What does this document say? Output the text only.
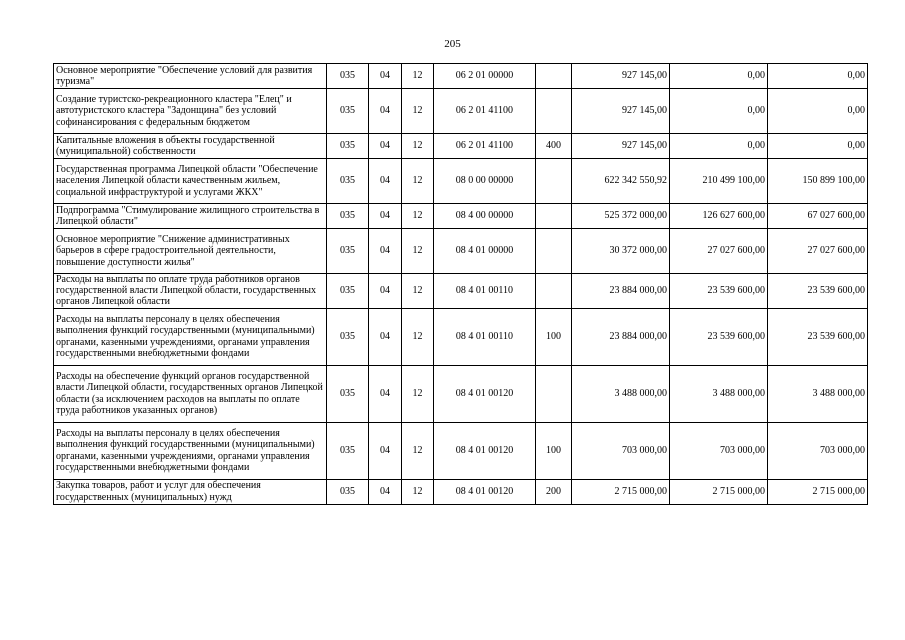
205
Основное мероприятие "Обеспечение условий для развития туризма"	035	04	12	06 2 01 00000		927 145,00	0,00	0,00
Создание туристско-рекреационного кластера "Елец" и автотуристского кластера "Задонщина" без условий софинансирования с федеральным бюджетом	035	04	12	06 2 01 41100		927 145,00	0,00	0,00
Капитальные вложения в объекты государственной (муниципальной) собственности	035	04	12	06 2 01 41100	400	927 145,00	0,00	0,00
Государственная программа Липецкой области "Обеспечение населения Липецкой области качественным жильем, социальной инфраструктурой и услугами ЖКХ"	035	04	12	08 0 00 00000		622 342 550,92	210 499 100,00	150 899 100,00
Подпрограмма "Стимулирование жилищного строительства в Липецкой области"	035	04	12	08 4 00 00000		525 372 000,00	126 627 600,00	67 027 600,00
Основное мероприятие "Снижение административных барьеров в сфере градостроительной деятельности, повышение доступности жилья"	035	04	12	08 4 01 00000		30 372 000,00	27 027 600,00	27 027 600,00
Расходы на выплаты по оплате труда работников органов государственной власти Липецкой области, государственных органов Липецкой области	035	04	12	08 4 01 00110		23 884 000,00	23 539 600,00	23 539 600,00
Расходы на выплаты персоналу в целях обеспечения выполнения функций государственными (муниципальными) органами, казенными учреждениями, органами управления государственными внебюджетными фондами	035	04	12	08 4 01 00110	100	23 884 000,00	23 539 600,00	23 539 600,00
Расходы на обеспечение функций органов государственной власти Липецкой области, государственных органов Липецкой области (за исключением расходов на выплаты по оплате труда работников указанных органов)	035	04	12	08 4 01 00120		3 488 000,00	3 488 000,00	3 488 000,00
Расходы на выплаты персоналу в целях обеспечения выполнения функций государственными (муниципальными) органами, казенными учреждениями, органами управления государственными внебюджетными фондами	035	04	12	08 4 01 00120	100	703 000,00	703 000,00	703 000,00
Закупка товаров, работ и услуг для обеспечения государственных (муниципальных) нужд	035	04	12	08 4 01 00120	200	2 715 000,00	2 715 000,00	2 715 000,00
